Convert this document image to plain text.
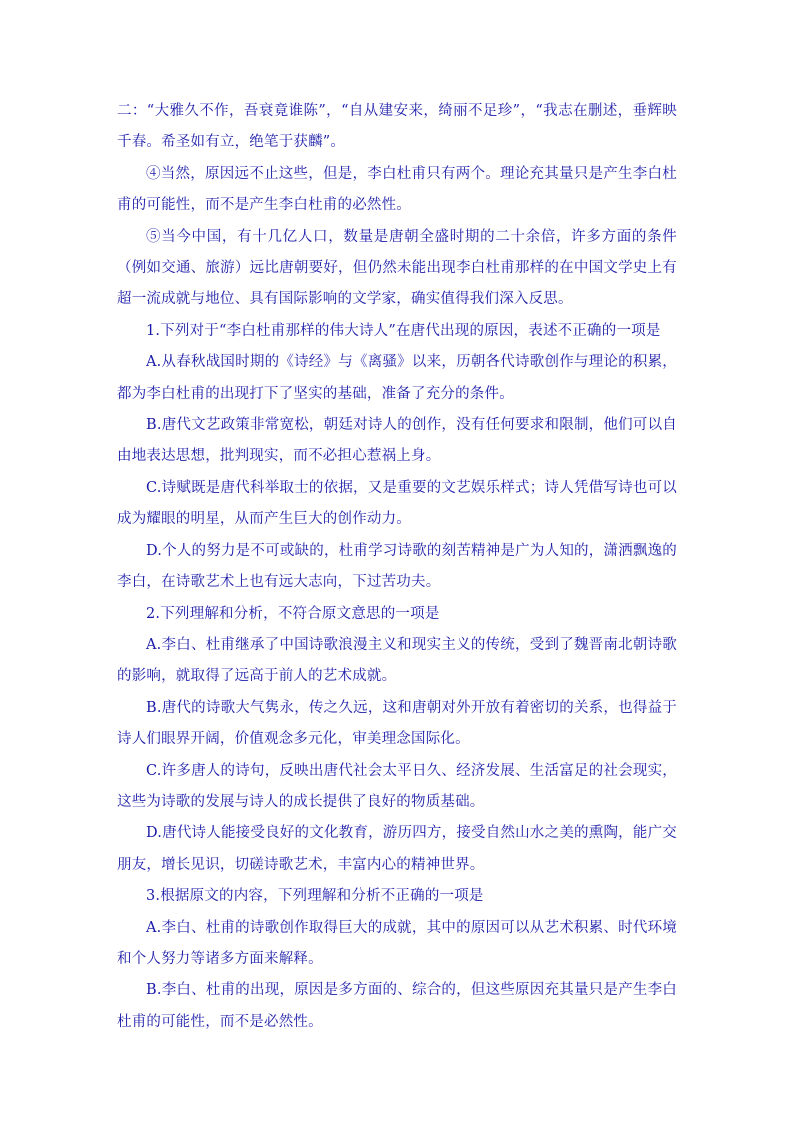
二：“大雅久不作，吾衰竟谁陈”，“自从建安来，绮丽不足珍”，“我志在删述，垂辉映千春。希圣如有立，绝笔于获麟”。

④当然，原因远不止这些，但是，李白杜甫只有两个。理论充其量只是产生李白杜甫的可能性，而不是产生李白杜甫的必然性。

⑤当今中国，有十几亿人口，数量是唐朝全盛时期的二十余倍，许多方面的条件（例如交通、旅游）远比唐朝要好，但仍然未能出现李白杜甫那样的在中国文学史上有超一流成就与地位、具有国际影响的文学家，确实值得我们深入反思。

1.下列对于“李白杜甫那样的伟大诗人”在唐代出现的原因，表述不正确的一项是

A.从春秋战国时期的《诗经》与《离骚》以来，历朝各代诗歌创作与理论的积累，都为李白杜甫的出现打下了坚实的基础，准备了充分的条件。

B.唐代文艺政策非常宽松，朝廷对诗人的创作，没有任何要求和限制，他们可以自由地表达思想，批判现实，而不必担心惹祸上身。

C.诗赋既是唐代科举取士的依据，又是重要的文艺娱乐样式；诗人凭借写诗也可以成为耀眼的明星，从而产生巨大的创作动力。

D.个人的努力是不可或缺的，杜甫学习诗歌的刻苦精神是广为人知的，潇洒飘逸的李白，在诗歌艺术上也有远大志向，下过苦功夫。

2.下列理解和分析，不符合原文意思的一项是

A.李白、杜甫继承了中国诗歌浪漫主义和现实主义的传统，受到了魏晋南北朝诗歌的影响，就取得了远高于前人的艺术成就。

B.唐代的诗歌大气隽永，传之久远，这和唐朝对外开放有着密切的关系，也得益于诗人们眼界开阔，价值观念多元化，审美理念国际化。

C.许多唐人的诗句，反映出唐代社会太平日久、经济发展、生活富足的社会现实，这些为诗歌的发展与诗人的成长提供了良好的物质基础。

D.唐代诗人能接受良好的文化教育，游历四方，接受自然山水之美的熏陶，能广交朋友，增长见识，切磋诗歌艺术，丰富内心的精神世界。

3.根据原文的内容，下列理解和分析不正确的一项是

A.李白、杜甫的诗歌创作取得巨大的成就，其中的原因可以从艺术积累、时代环境和个人努力等诸多方面来解释。

B.李白、杜甫的出现，原因是多方面的、综合的，但这些原因充其量只是产生李白杜甫的可能性，而不是必然性。
